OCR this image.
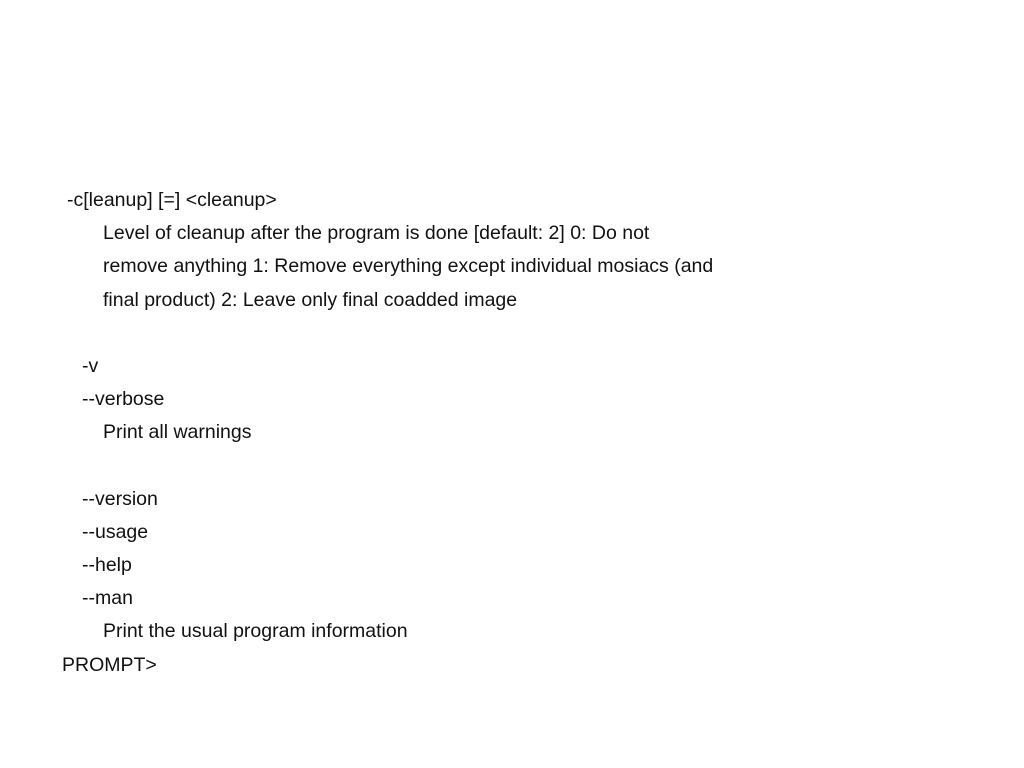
-c[leanup] [=] <cleanup>
Level of cleanup after the program is done [default: 2] 0: Do not
remove anything 1: Remove everything except individual mosiacs (and
final product) 2: Leave only final coadded image
-v
--verbose
Print all warnings
--version
--usage
--help
--man
Print the usual program information
PROMPT>
